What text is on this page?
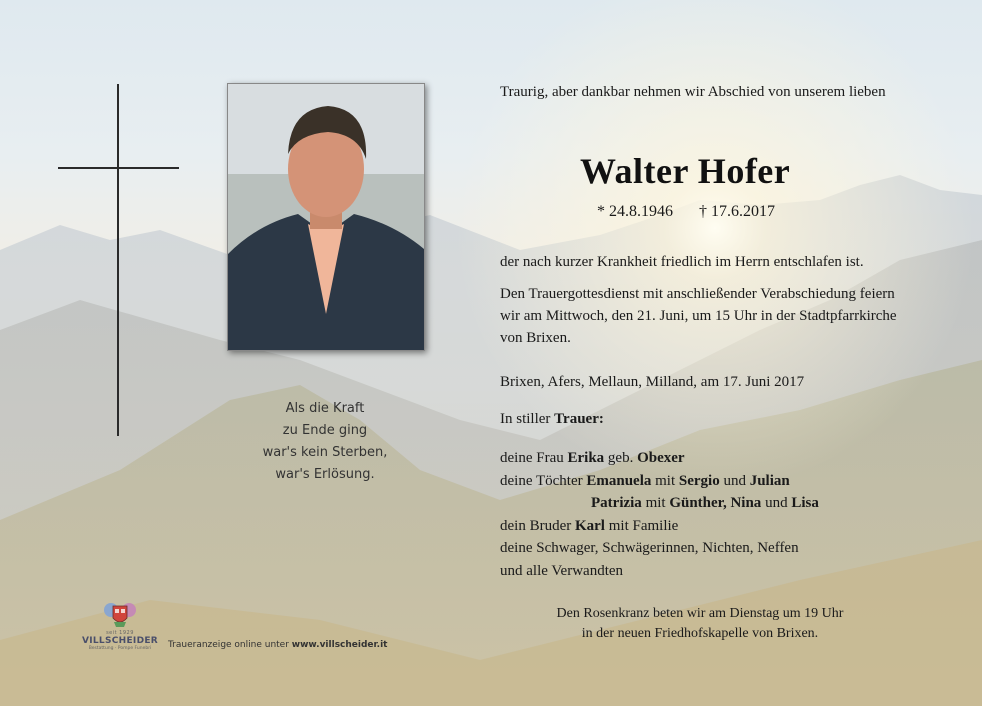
Als die Kraft
zu Ende ging
war's kein Sterben,
war's Erlösung.
Traurig, aber dankbar nehmen wir Abschied von unserem lieben
Walter Hofer
* 24.8.1946 † 17.6.2017
der nach kurzer Krankheit friedlich im Herrn entschlafen ist.
Den Trauergottesdienst mit anschließender Verabschiedung feiern wir am Mittwoch, den 21. Juni, um 15 Uhr in der Stadtpfarrkirche von Brixen.
Brixen, Afers, Mellaun, Milland, am 17. Juni 2017
In stiller Trauer:
deine Frau Erika geb. Obexer
deine Töchter Emanuela mit Sergio und Julian
Patrizia mit Günther, Nina und Lisa
dein Bruder Karl mit Familie
deine Schwager, Schwägerinnen, Nichten, Neffen
und alle Verwandten
Den Rosenkranz beten wir am Dienstag um 19 Uhr
in der neuen Friedhofskapelle von Brixen.
seit 1929
VILLSCHEIDER
Bestattung · Pompe Funebri	Traueranzeige online unter www.villscheider.it
